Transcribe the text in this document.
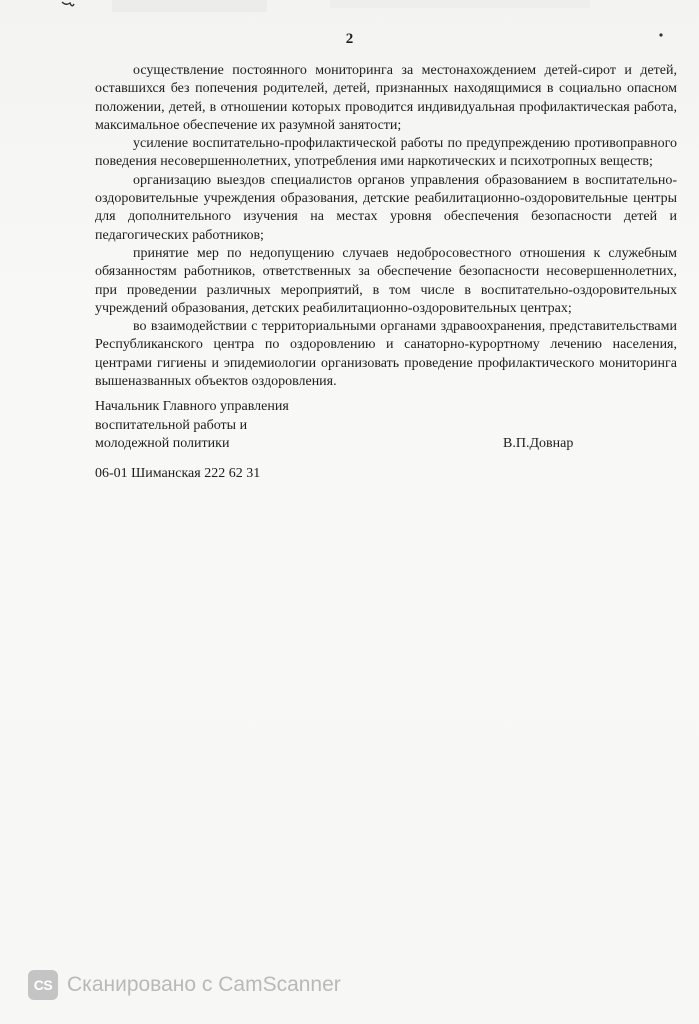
2

осуществление постоянного мониторинга за местонахождением детей-сирот и детей, оставшихся без попечения родителей, детей, признанных находящимися в социально опасном положении, детей, в отношении которых проводится индивидуальная профилактическая работа, максимальное обеспечение их разумной занятости;

усиление воспитательно-профилактической работы по предупреждению противоправного поведения несовершеннолетних, употребления ими наркотических и психотропных веществ;

организацию выездов специалистов органов управления образованием в воспитательно-оздоровительные учреждения образования, детские реабилитационно-оздоровительные центры для дополнительного изучения на местах уровня обеспечения безопасности детей и педагогических работников;

принятие мер по недопущению случаев недобросовестного отношения к служебным обязанностям работников, ответственных за обеспечение безопасности несовершеннолетних, при проведении различных мероприятий, в том числе в воспитательно-оздоровительных учреждений образования, детских реабилитационно-оздоровительных центрах;

во взаимодействии с территориальными органами здравоохранения, представительствами Республиканского центра по оздоровлению и санаторно-курортному лечению населения, центрами гигиены и эпидемиологии организовать проведение профилактического мониторинга вышеназванных объектов оздоровления.

Начальник Главного управления
воспитательной работы и
молодежной политики	В.П.Довнар
06-01 Шиманская 222 62 31
CS Сканировано с CamScanner
